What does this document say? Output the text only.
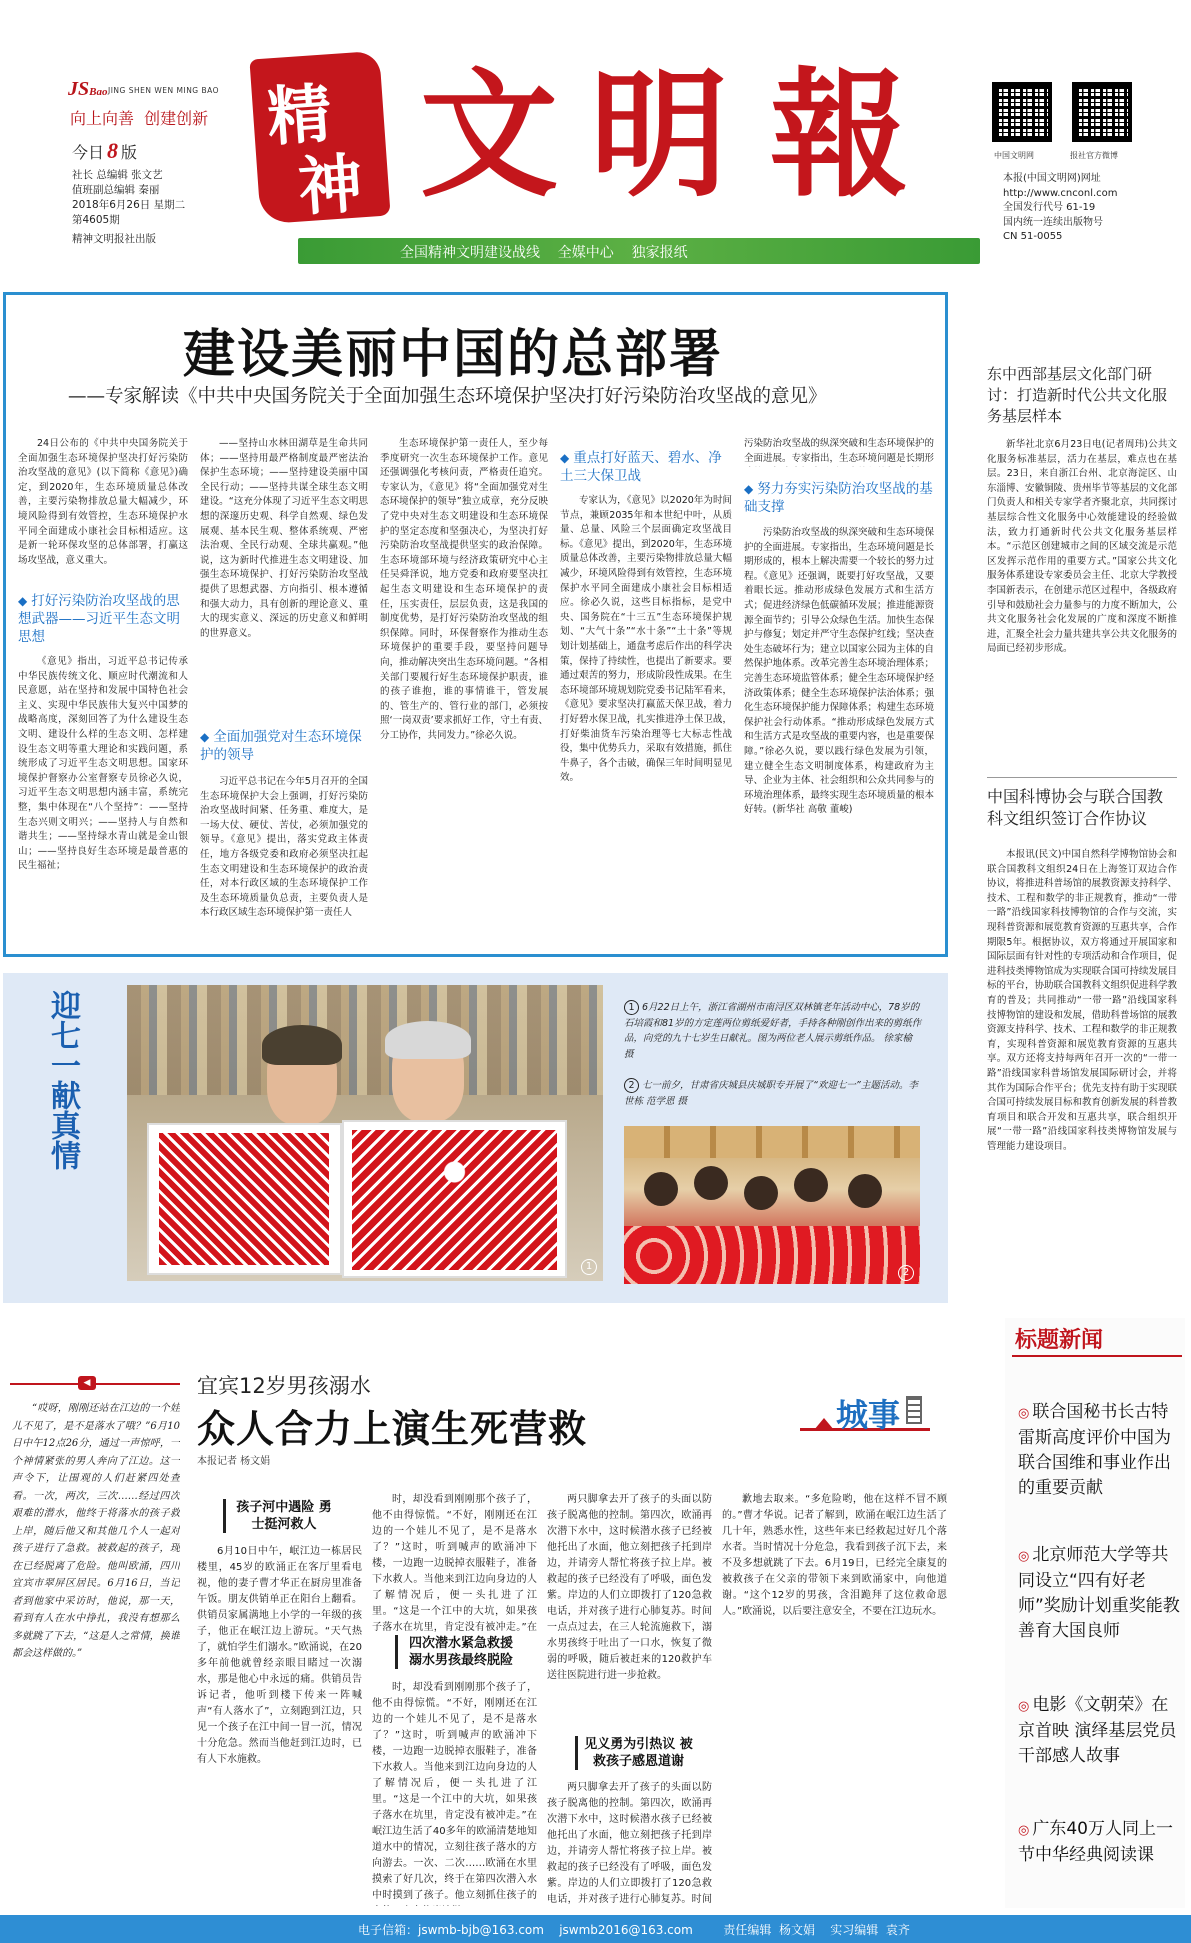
JSBao JING SHEN WEN MING BAO
向上向善  创建创新
今日 8 版
社长 总编辑 张文艺
值班副总编辑 秦丽
2018年6月26日 星期二
第4605期
精神文明报社出版
精
神 文 明 報	中国文明网	报社官方微博
本报(中国文明网)网址
http://www.cnconl.com
全国发行代号 61-19
国内统一连续出版物号
CN 51-0055
全国精神文明建设战线    全媒中心    独家报纸
建设美丽中国的总部署
——专家解读《中共中央国务院关于全面加强生态环境保护坚决打好污染防治攻坚战的意见》
24日公布的《中共中央国务院关于全面加强生态环境保护坚决打好污染防治攻坚战的意见》(以下简称《意见》)确定，到2020年，生态环境质量总体改善，主要污染物排放总量大幅减少，环境风险得到有效管控，生态环境保护水平同全面建成小康社会目标相适应。这是新一轮环保攻坚的总体部署，打赢这场攻坚战，意义重大。
◆ 打好污染防治攻坚战的思想武器——习近平生态文明思想
《意见》指出，习近平总书记传承中华民族传统文化、顺应时代潮流和人民意愿，站在坚持和发展中国特色社会主义、实现中华民族伟大复兴中国梦的战略高度，深刻回答了为什么建设生态文明、建设什么样的生态文明、怎样建设生态文明等重大理论和实践问题，系统形成了习近平生态文明思想。国家环境保护督察办公室督察专员徐必久说，习近平生态文明思想内涵丰富，系统完整，集中体现在“八个坚持”：——坚持生态兴则文明兴；——坚持人与自然和谐共生；——坚持绿水青山就是金山银山；——坚持良好生态环境是最普惠的民生福祉；
——坚持山水林田湖草是生命共同体；——坚持用最严格制度最严密法治保护生态环境；——坚持建设美丽中国全民行动；——坚持共谋全球生态文明建设。“这充分体现了习近平生态文明思想的深邃历史观、科学自然观、绿色发展观、基本民生观、整体系统观、严密法治观、全民行动观、全球共赢观。”他说，这为新时代推进生态文明建设、加强生态环境保护、打好污染防治攻坚战提供了思想武器、方向指引、根本遵循和强大动力，具有创新的理论意义、重大的现实意义、深远的历史意义和鲜明的世界意义。
◆ 全面加强党对生态环境保护的领导
习近平总书记在今年5月召开的全国生态环境保护大会上强调，打好污染防治攻坚战时间紧、任务重、难度大，是一场大仗、硬仗、苦仗，必须加强党的领导。《意见》提出，落实党政主体责任，地方各级党委和政府必须坚决扛起生态文明建设和生态环境保护的政治责任，对本行政区域的生态环境保护工作及生态环境质量负总责，主要负责人是本行政区域生态环境保护第一责任人
生态环境保护第一责任人，至少每季度研究一次生态环境保护工作。意见还强调强化考核问责，严格责任追究。专家认为，《意见》将“全面加强党对生态环境保护的领导”独立成章，充分反映了党中央对生态文明建设和生态环境保护的坚定态度和坚强决心，为坚决打好污染防治攻坚战提供坚实的政治保障。生态环境部环境与经济政策研究中心主任吴舜泽说，地方党委和政府要坚决扛起生态文明建设和生态环境保护的责任，压实责任，层层负责，这是我国的制度优势，是打好污染防治攻坚战的组织保障。同时，环保督察作为推动生态环境保护的重要手段，要坚持问题导向，推动解决突出生态环境问题。“各相关部门要履行好生态环境保护职责，谁的孩子谁抱，谁的事情谁干，管发展的、管生产的、管行业的部门，必须按照‘一岗双责’要求抓好工作，守土有责、分工协作，共同发力。”徐必久说。
◆ 重点打好蓝天、碧水、净土三大保卫战
专家认为，《意见》以2020年为时间节点，兼顾2035年和本世纪中叶，从质量、总量、风险三个层面确定攻坚战目标。《意见》提出，到2020年，生态环境质量总体改善，主要污染物排放总量大幅减少，环境风险得到有效管控，生态环境保护水平同全面建成小康社会目标相适应。徐必久说，这些目标指标，是党中央、国务院在“十三五”生态环境保护规划、“大气十条”“水十条”“土十条”等规划计划基础上，通盘考虑后作出的科学决策，保持了持续性，也提出了新要求。要通过艰苦的努力，形成阶段性成果。在生态环境部环境规划院党委书记陆军看来，《意见》要求坚决打赢蓝天保卫战，着力打好碧水保卫战，扎实推进净土保卫战，打好柴油货车污染治理等七大标志性战役，集中优势兵力，采取有效措施，抓住牛鼻子，各个击破，确保三年时间明显见效。
污染防治攻坚战的纵深突破和生态环境保护的全面进展。专家指出，生态环境问题是长期形
◆ 努力夯实污染防治攻坚战的基础支撑
污染防治攻坚战的纵深突破和生态环境保护的全面进展。专家指出，生态环境问题是长期形成的，根本上解决需要一个较长的努力过程。《意见》还强调，既要打好攻坚战，又要着眼长远。推动形成绿色发展方式和生活方式；促进经济绿色低碳循环发展；推进能源资源全面节约；引导公众绿色生活。加快生态保护与修复；划定并严守生态保护红线；坚决查处生态破坏行为；建立以国家公园为主体的自然保护地体系。改革完善生态环境治理体系；完善生态环境监管体系；健全生态环境保护经济政策体系；健全生态环境保护法治体系；强化生态环境保护能力保障体系；构建生态环境保护社会行动体系。“推动形成绿色发展方式和生活方式是攻坚战的重要内容，也是重要保障。”徐必久说，要以践行绿色发展为引领，建立健全生态文明制度体系，构建政府为主导、企业为主体、社会组织和公众共同参与的环境治理体系，最终实现生态环境质量的根本好转。(新华社 高敬 董峻)
东中西部基层文化部门研讨：打造新时代公共文化服务基层样本
新华社北京6月23日电(记者周玮)公共文化服务标准基层，活力在基层，难点也在基层。23日，来自浙江台州、北京海淀区、山东淄博、安徽铜陵、贵州毕节等基层的文化部门负责人和相关专家学者齐聚北京，共同探讨基层综合性文化服务中心效能建设的经验做法，致力打通新时代公共文化服务基层样本。“示范区创建城市之间的区域交流是示范区发挥示范作用的重要方式。”国家公共文化服务体系建设专家委员会主任、北京大学教授李国新表示，在创建示范区过程中，各级政府引导和鼓励社会力量参与的力度不断加大，公共文化服务社会化发展的广度和深度不断推进，汇聚全社会力量共建共享公共文化服务的局面已经初步形成。
中国科博协会与联合国教科文组织签订合作协议
本报讯(民文)中国自然科学博物馆协会和联合国教科文组织24日在上海签订双边合作协议，将推进科普场馆的展教资源支持科学、技术、工程和数学的非正规教育，推动“一带一路”沿线国家科技博物馆的合作与交流，实现科普资源和展览教育资源的互惠共享，合作期限5年。根据协议，双方将通过开展国家和国际层面有针对性的专项活动和合作项目，促进科技类博物馆成为实现联合国可持续发展目标的平台，协助联合国教科文组织促进科学教育的普及；共同推动“一带一路”沿线国家科技博物馆的建设和发展，借助科普场馆的展教资源支持科学、技术、工程和数学的非正规教育，实现科普资源和展览教育资源的互惠共享。双方还将支持每两年召开一次的“一带一路”沿线国家科普场馆发展国际研讨会，并将其作为国际合作平台；优先支持有助于实现联合国可持续发展目标和教育创新发展的科普教育项目和联合开发和互惠共享，联合组织开展“一带一路”沿线国家科技类博物馆发展与管理能力建设项目。
迎七一献真情
1
1 6月22日上午，浙江省湖州市南浔区双林镇老年活动中心，78岁的石培霞和81岁的方定莲两位剪纸爱好者，手持各种刚创作出来的剪纸作品，向党的九十七岁生日献礼。图为两位老人展示剪纸作品。 徐家榆 摄
2 七一前夕，甘肃省庆城县庆城职专开展了“欢迎七一”主题活动。李世栋 范学恩 摄
2
标题新闻
◎ 联合国秘书长古特雷斯高度评价中国为联合国维和事业作出的重要贡献
◎ 北京师范大学等共同设立“四有好老师”奖励计划重奖能教善育大国良师
◎ 电影《文朝荣》在京首映 演绎基层党员干部感人故事
◎ 广东40万人同上一节中华经典阅读课
◀
“哎呀，刚刚还站在江边的一个娃儿不见了，是不是落水了哦？”6月10日中午12点26分，通过一声惊呼，一个神情紧张的男人奔向了江边。这一声令下，让围观的人们赶紧四处查看。一次，两次，三次……经过四次艰难的潜水，他终于将落水的孩子救上岸，随后他又和其他几个人一起对孩子进行了急救。被救起的孩子，现在已经脱离了危险。他叫欧涌，四川宜宾市翠屏区居民。6月16日，当记者到他家中采访时，他说，那一天，看到有人在水中挣扎，我没有想那么多就跳了下去，“这是人之常情，换谁都会这样做的。”
宜宾12岁男孩溺水
众人合力上演生死营救
本报记者 杨文娟
城事
孩子河中遇险 勇士挺河救人
6月10日中午，岷江边一栋居民楼里，45岁的欧涌正在客厅里看电视，他的妻子曹才华正在厨房里准备午饭。朋友供销单正在阳台上翻看。供销员家属满地上小学的一年级的孩子，他正在岷江边上游玩。“天气热了，就怕学生们溺水。”欧涌说，在20多年前他就曾经亲眼目睹过一次溺水，那是他心中永远的痛。供销员告诉记者，他听到楼下传来一阵喊声“有人落水了”，立刻跑到江边，只见一个孩子在江中间一冒一沉，情况十分危急。然而当他赶到江边时，已有人下水施救。
时，却没看到刚刚那个孩子了，他不由得惊慌。“不好，刚刚还在江边的一个娃儿不见了，是不是落水了？”这时，听到喊声的欧涌冲下楼，一边跑一边脱掉衣服鞋子，准备下水救人。当他来到江边向身边的人了解情况后，便一头扎进了江里。“这是一个江中的大坑，如果孩子落水在坑里，肯定没有被冲走。”在
四次潜水紧急救援 溺水男孩最终脱险
时，却没看到刚刚那个孩子了，他不由得惊慌。“不好，刚刚还在江边的一个娃儿不见了，是不是落水了？”这时，听到喊声的欧涌冲下楼，一边跑一边脱掉衣服鞋子，准备下水救人。当他来到江边向身边的人了解情况后，便一头扎进了江里。“这是一个江中的大坑，如果孩子落水在坑里，肯定没有被冲走。”在岷江边生活了40多年的欧涌清楚地知道水中的情况，立刻往孩子落水的方向游去。一次、二次……欧涌在水里摸索了好几次，终于在第四次潜入水中时摸到了孩子。他立刻抓住孩子的
两只脚拿去开了孩子的头面以防孩子脱离他的控制。第四次，欧涌再次潜下水中，这时候潜水孩子已经被他托出了水面，他立刻把孩子托到岸边，并请旁人帮忙将孩子拉上岸。被救起的孩子已经没有了呼吸，面色发紫。岸边的人们立即拨打了120急救电话，并对孩子进行心肺复苏。时间一点点过去，在三人轮流施救下，溺水男孩终于吐出了一口水，恢复了微弱的呼吸，随后被赶来的120救护车送往医院进行进一步抢救。
见义勇为引热议 被救孩子感恩道谢
两只脚拿去开了孩子的头面以防孩子脱离他的控制。第四次，欧涌再次潜下水中，这时候潜水孩子已经被他托出了水面，他立刻把孩子托到岸边，并请旁人帮忙将孩子拉上岸。被救起的孩子已经没有了呼吸，面色发紫。岸边的人们立即拨打了120急救电话，并对孩子进行心肺复苏。时间
歉地去取来。“多危险哟，他在这样不冒不顾的。”曹才华说。记者了解到，欧涌在岷江边生活了几十年，熟悉水性，这些年来已经救起过好几个落水者。当时情况十分危急，我看到孩子沉下去，来不及多想就跳了下去。6月19日，已经完全康复的被救孩子在父亲的带领下来到欧涌家中，向他道谢。“这个12岁的男孩，含泪跪拜了这位救命恩人。”欧涌说，以后要注意安全，不要在江边玩水。
电子信箱：jswmb-bjb@163.com    jswmb2016@163.com        责任编辑  杨文娟    实习编辑  袁齐
